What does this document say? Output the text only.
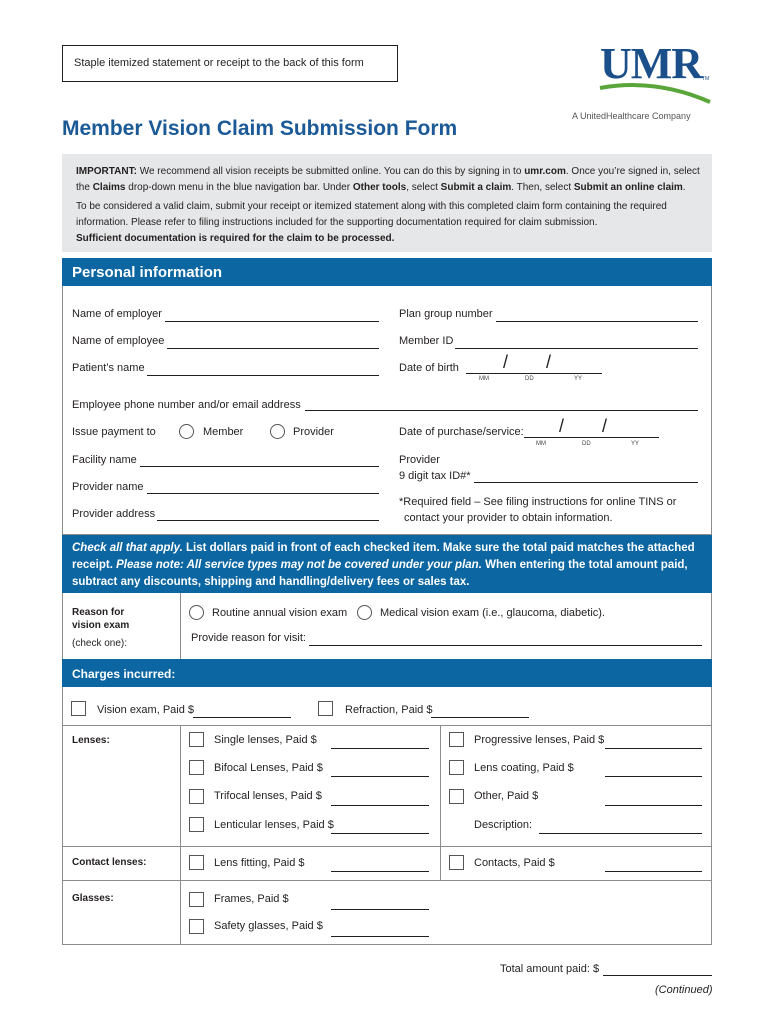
Staple itemized statement or receipt to the back of this form	UMR TM
A UnitedHealthcare Company
Member Vision Claim Submission Form
IMPORTANT: We recommend all vision receipts be submitted online. You can do this by signing in to umr.com. Once you’re signed in, select the Claims drop-down menu in the blue navigation bar. Under Other tools, select Submit a claim. Then, select Submit an online claim.
To be considered a valid claim, submit your receipt or itemized statement along with this completed claim form containing the required information. Please refer to filing instructions included for the supporting documentation required for claim submission.
Sufficient documentation is required for the claim to be processed.
Personal information
Name of employer
Name of employee
Patient’s name
Plan group number
Member ID
Date of birth / /
MM	DD	YY
Employee phone number and/or email address
Issue payment to	Member	Provider	Date of purchase/service: / /
MM	DD	YY
Facility name
Provider name
Provider address
Provider
9 digit tax ID#*
*Required field – See filing instructions for online TINS or
contact your provider to obtain information.
Check all that apply. List dollars paid in front of each checked item. Make sure the total paid matches the attached
receipt. Please note: All service types may not be covered under your plan. When entering the total amount paid,
subtract any discounts, shipping and handling/delivery fees or sales tax.
Reason for
vision exam
(check one):
Routine annual vision exam	Medical vision exam (i.e., glaucoma, diabetic).
Provide reason for visit:
Charges incurred:
Vision exam, Paid $	Refraction, Paid $
Lenses:	Single lenses, Paid $
Bifocal Lenses, Paid $
Trifocal lenses, Paid $
Lenticular lenses, Paid $
Progressive lenses, Paid $
Lens coating, Paid $
Other, Paid $
Description:
Contact lenses:	Lens fitting, Paid $	Contacts, Paid $
Glasses:	Frames, Paid $
Safety glasses, Paid $
Total amount paid: $
(Continued)
